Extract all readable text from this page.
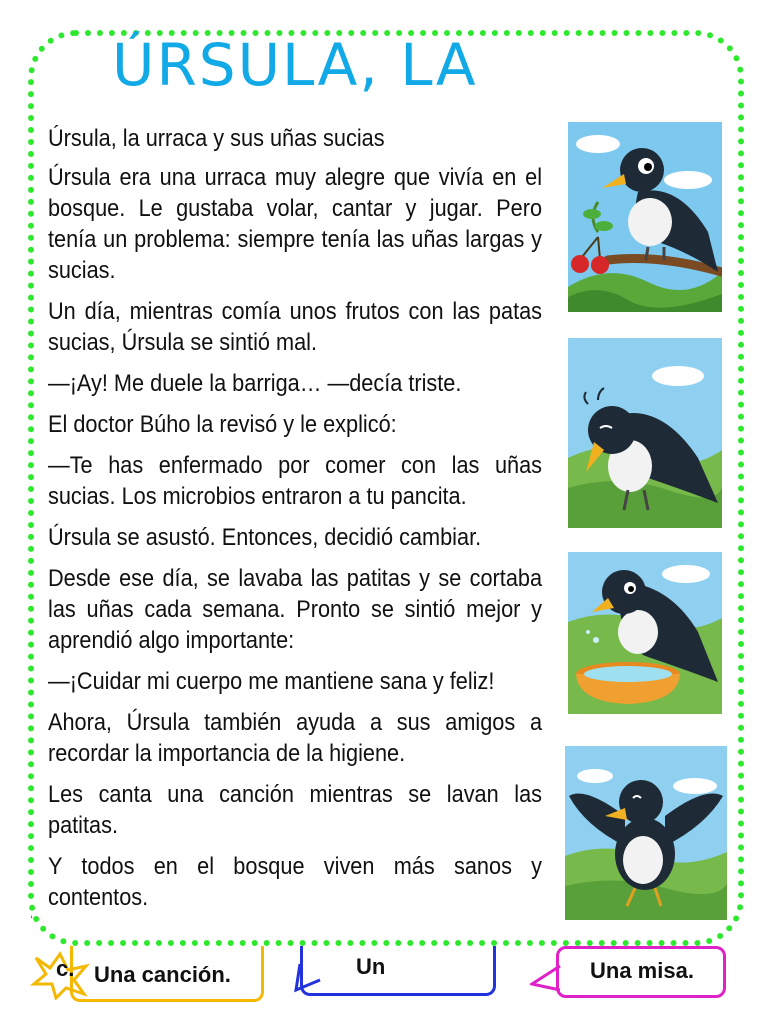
ÚRSULA, LA

Úrsula, la urraca y sus uñas sucias

Úrsula era una urraca muy alegre que vivía en el bosque. Le gustaba volar, cantar y jugar. Pero tenía un problema: siempre tenía las uñas largas y sucias.

Un día, mientras comía unos frutos con las patas sucias, Úrsula se sintió mal.

—¡Ay! Me duele la barriga… —decía triste.

El doctor Búho la revisó y le explicó:

—Te has enfermado por comer con las uñas sucias. Los microbios entraron a tu pancita.

Úrsula se asustó. Entonces, decidió cambiar.

Desde ese día, se lavaba las patitas y se cortaba las uñas cada semana. Pronto se sintió mejor y aprendió algo importante:

—¡Cuidar mi cuerpo me mantiene sana y feliz!

Ahora, Úrsula también ayuda a sus amigos a recordar la importancia de la higiene.

Les canta una canción mientras se lavan las patitas.

Y todos en el bosque viven más sanos y contentos.

c. Una canción.	Un	Una misa.
